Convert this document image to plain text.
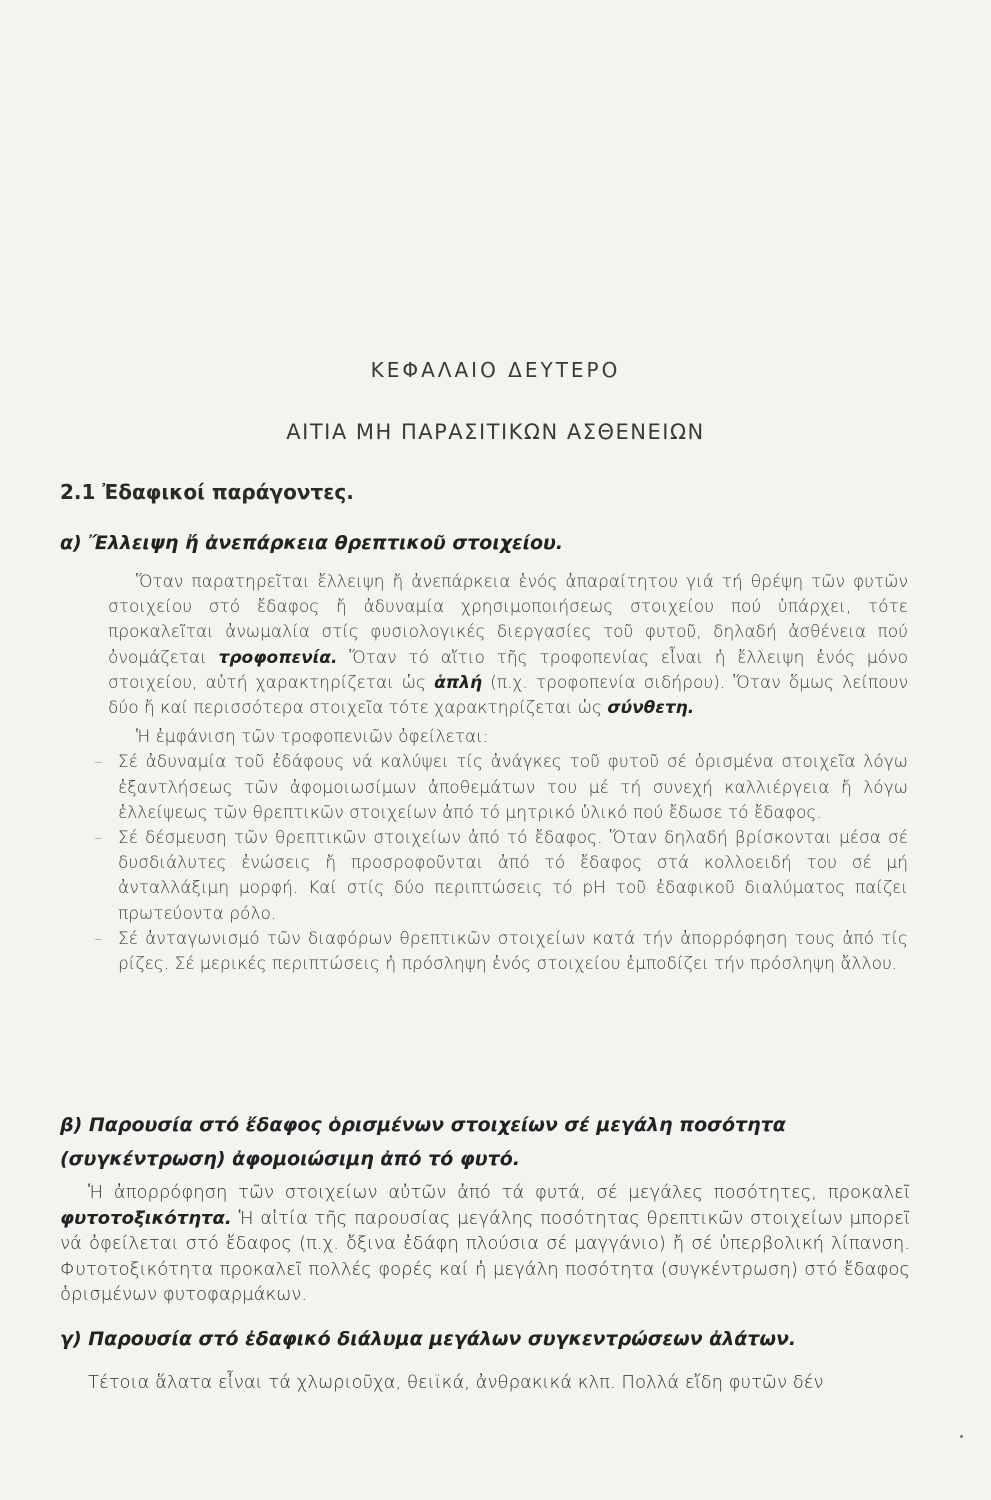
ΚΕΦΑΛΑΙΟ ΔΕΥΤΕΡΟ
ΑΙΤΙΑ ΜΗ ΠΑΡΑΣΙΤΙΚΩΝ ΑΣΘΕΝΕΙΩΝ
2.1 Ἐδαφικοί παράγοντες.
α) Ἔλλειψη ἤ ἀνεπάρκεια θρεπτικοῦ στοιχείου.

Ὅταν παρατηρεῖται ἔλλειψη ἤ ἀνεπάρκεια ἑνός ἀπαραίτητου γιά τή θρέψη τῶν φυτῶν στοιχείου στό ἔδαφος ἤ ἀδυναμία χρησιμοποιήσεως στοιχείου πού ὑπάρχει, τότε προκαλεῖται ἀνωμαλία στίς φυσιολογικές διεργασίες τοῦ φυτοῦ, δηλαδή ἀσθένεια πού ὀνομάζεται τροφοπενία. Ὅταν τό αἴτιο τῆς τροφοπενίας εἶναι ἡ ἔλλειψη ἑνός μόνο στοιχείου, αὐτή χαρακτηρίζεται ὡς ἁπλή (π.χ. τροφοπενία σιδήρου). Ὅταν ὅμως λείπουν δύο ἤ καί περισσότερα στοιχεῖα τότε χαρακτηρίζεται ὡς σύνθετη.

Ἡ ἐμφάνιση τῶν τροφοπενιῶν ὀφείλεται:

– Σέ ἀδυναμία τοῦ ἐδάφους νά καλύψει τίς ἀνάγκες τοῦ φυτοῦ σέ ὁρισμένα στοιχεῖα λόγω ἐξαντλήσεως τῶν ἀφομοιωσίμων ἀποθεμάτων του μέ τή συνεχή καλλιέργεια ἤ λόγω ἐλλείψεως τῶν θρεπτικῶν στοιχείων ἀπό τό μητρικό ὑλικό πού ἔδωσε τό ἔδαφος.
– Σέ δέσμευση τῶν θρεπτικῶν στοιχείων ἀπό τό ἔδαφος. Ὅταν δηλαδή βρίσκονται μέσα σέ δυσδιάλυτες ἐνώσεις ἤ προσροφοῦνται ἀπό τό ἔδαφος στά κολλοειδή του σέ μή ἀνταλλάξιμη μορφή. Καί στίς δύο περιπτώσεις τό pH τοῦ ἐδαφικοῦ διαλύματος παίζει πρωτεύοντα ρόλο.
– Σέ ἀνταγωνισμό τῶν διαφόρων θρεπτικῶν στοιχείων κατά τήν ἀπορρόφηση τους ἀπό τίς ρίζες. Σέ μερικές περιπτώσεις ἡ πρόσληψη ἑνός στοιχείου ἐμποδίζει τήν πρόσληψη ἄλλου.
β) Παρουσία στό ἔδαφος ὁρισμένων στοιχείων σέ μεγάλη ποσότητα (συγκέντρωση) ἀφομοιώσιμη ἀπό τό φυτό.

Ἡ ἀπορρόφηση τῶν στοιχείων αὐτῶν ἀπό τά φυτά, σέ μεγάλες ποσότητες, προκαλεῖ φυτοτοξικότητα. Ἡ αἰτία τῆς παρουσίας μεγάλης ποσότητας θρεπτικῶν στοιχείων μπορεῖ νά ὀφείλεται στό ἔδαφος (π.χ. ὄξινα ἐδάφη πλούσια σέ μαγγάνιο) ἤ σέ ὑπερβολική λίπανση. Φυτοτοξικότητα προκαλεῖ πολλές φορές καί ἡ μεγάλη ποσότητα (συγκέντρωση) στό ἔδαφος ὁρισμένων φυτοφαρμάκων.

γ) Παρουσία στό ἐδαφικό διάλυμα μεγάλων συγκεντρώσεων ἀλάτων.

Τέτοια ἅλατα εἶναι τά χλωριοῦχα, θειϊκά, ἀνθρακικά κλπ. Πολλά εἴδη φυτῶν δέν
